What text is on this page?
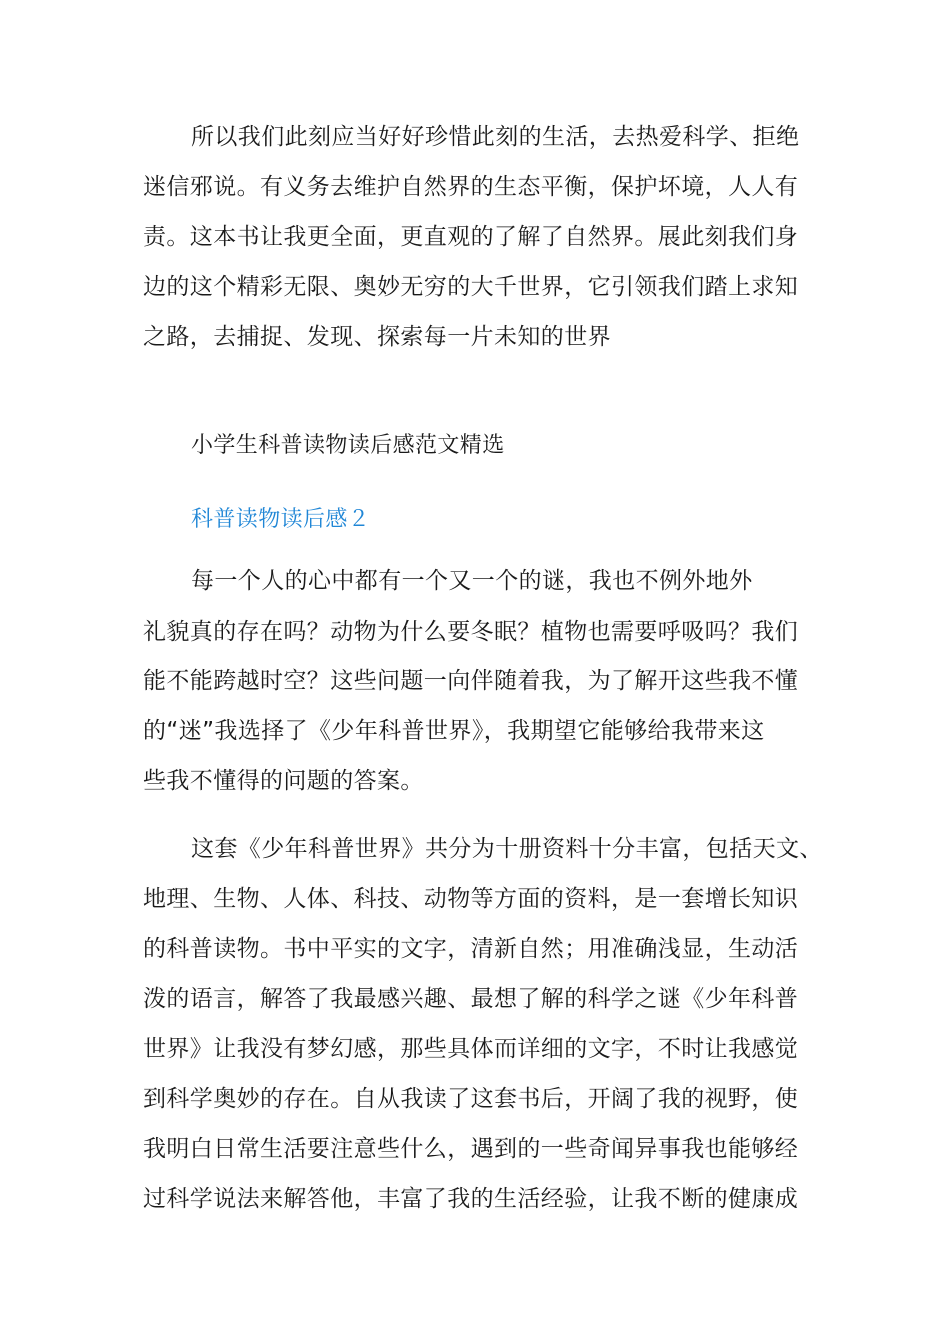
所以我们此刻应当好好珍惜此刻的生活，去热爱科学、拒绝
迷信邪说。有义务去维护自然界的生态平衡，保护坏境，人人有
责。这本书让我更全面，更直观的了解了自然界。展此刻我们身
边的这个精彩无限、奥妙无穷的大千世界，它引领我们踏上求知
之路，去捕捉、发现、探索每一片未知的世界
小学生科普读物读后感范文精选
科普读物读后感２
每一个人的心中都有一个又一个的谜，我也不例外地外
礼貌真的存在吗？动物为什么要冬眠？植物也需要呼吸吗？我们
能不能跨越时空？这些问题一向伴随着我，为了解开这些我不懂
的“迷”我选择了《少年科普世界》，我期望它能够给我带来这
些我不懂得的问题的答案。
这套《少年科普世界》共分为十册资料十分丰富，包括天文、
地理、生物、人体、科技、动物等方面的资料，是一套增长知识
的科普读物。书中平实的文字，清新自然；用准确浅显，生动活
泼的语言，解答了我最感兴趣、最想了解的科学之谜《少年科普
世界》让我没有梦幻感，那些具体而详细的文字，不时让我感觉
到科学奥妙的存在。自从我读了这套书后，开阔了我的视野，使
我明白日常生活要注意些什么，遇到的一些奇闻异事我也能够经
过科学说法来解答他，丰富了我的生活经验，让我不断的健康成
